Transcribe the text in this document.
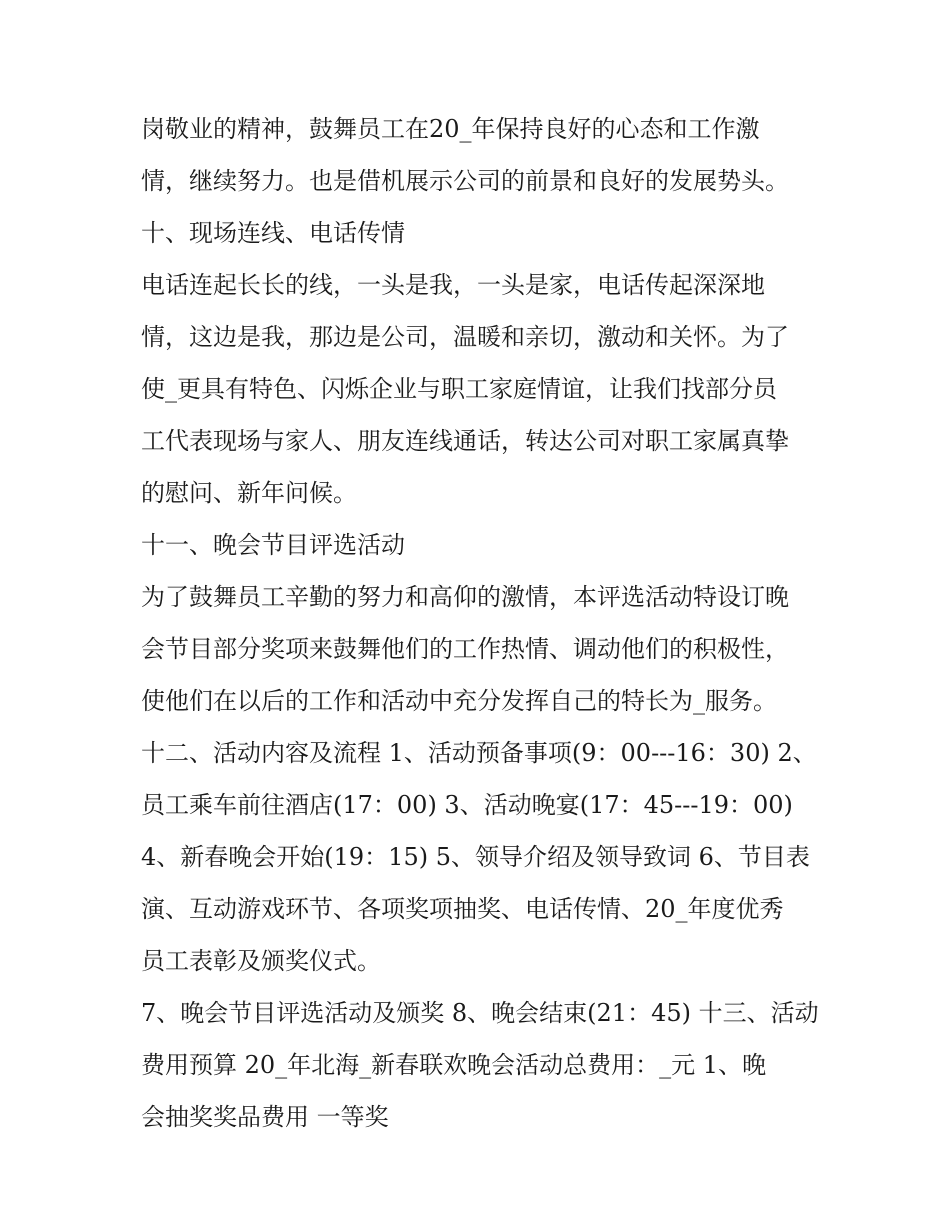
岗敬业的精神，鼓舞员工在20_年保持良好的心态和工作激
情，继续努力。也是借机展示公司的前景和良好的发展势头。
十、现场连线、电话传情
电话连起长长的线，一头是我，一头是家，电话传起深深地
情，这边是我，那边是公司，温暖和亲切，激动和关怀。为了
使_更具有特色、闪烁企业与职工家庭情谊，让我们找部分员
工代表现场与家人、朋友连线通话，转达公司对职工家属真挚
的慰问、新年问候。
十一、晚会节目评选活动
为了鼓舞员工辛勤的努力和高仰的激情，本评选活动特设订晚
会节目部分奖项来鼓舞他们的工作热情、调动他们的积极性，
使他们在以后的工作和活动中充分发挥自己的特长为_服务。
十二、活动内容及流程 1、活动预备事项(9：00---16：30) 2、
员工乘车前往酒店(17：00) 3、活动晚宴(17：45---19：00)
4、新春晚会开始(19：15) 5、领导介绍及领导致词 6、节目表
演、互动游戏环节、各项奖项抽奖、电话传情、20_年度优秀
员工表彰及颁奖仪式。
7、晚会节目评选活动及颁奖 8、晚会结束(21：45) 十三、活动
费用预算 20_年北海_新春联欢晚会活动总费用：_元 1、晚
会抽奖奖品费用 一等奖
